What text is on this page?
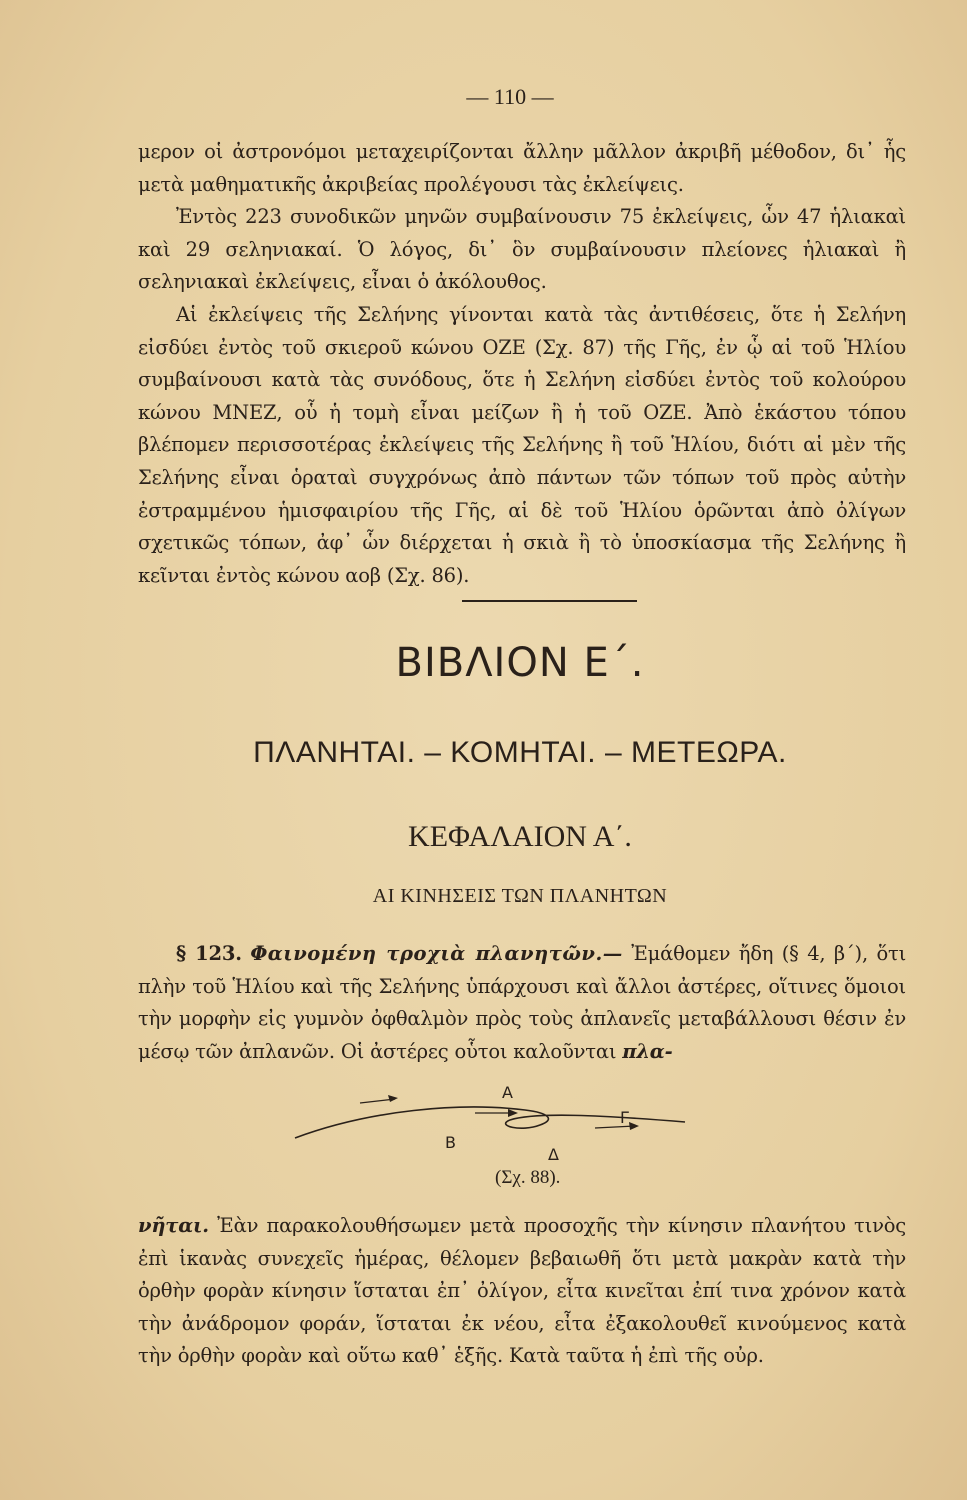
— 110 —

μερον οἱ ἀστρονόμοι μεταχειρίζονται ἄλλην μᾶλλον ἀκριβῆ μέθοδον, δι᾽ ἧς μετὰ μαθηματικῆς ἀκριβείας προλέγουσι τὰς ἐκλείψεις.

Ἐντὸς 223 συνοδικῶν μηνῶν συμβαίνουσιν 75 ἐκλείψεις, ὧν 47 ἡλιακαὶ καὶ 29 σεληνιακαί. Ὁ λόγος, δι᾽ ὃν συμβαίνουσιν πλείονες ἡλιακαὶ ἢ σεληνιακαὶ ἐκλείψεις, εἶναι ὁ ἀκόλουθος.

Αἱ ἐκλείψεις τῆς Σελήνης γίνονται κατὰ τὰς ἀντιθέσεις, ὅτε ἡ Σελήνη εἰσδύει ἐντὸς τοῦ σκιεροῦ κώνου ΟΖΕ (Σχ. 87) τῆς Γῆς, ἐν ᾧ αἱ τοῦ Ἡλίου συμβαίνουσι κατὰ τὰς συνόδους, ὅτε ἡ Σελήνη εἰσδύει ἐντὸς τοῦ κολούρου κώνου ΜΝΕΖ, οὗ ἡ τομὴ εἶναι μείζων ἢ ἡ τοῦ ΟΖΕ. Ἀπὸ ἑκάστου τόπου βλέπομεν περισσοτέρας ἐκλείψεις τῆς Σελήνης ἢ τοῦ Ἡλίου, διότι αἱ μὲν τῆς Σελήνης εἶναι ὁραταὶ συγχρόνως ἀπὸ πάντων τῶν τόπων τοῦ πρὸς αὐτὴν ἐστραμμένου ἡμισφαιρίου τῆς Γῆς, αἱ δὲ τοῦ Ἡλίου ὁρῶνται ἀπὸ ὀλίγων σχετικῶς τόπων, ἀφ᾽ ὧν διέρχεται ἡ σκιὰ ἢ τὸ ὑποσκίασμα τῆς Σελήνης ἢ κεῖνται ἐντὸς κώνου αοβ (Σχ. 86).

ΒΙΒΛΙΟΝ Ε΄.
ΠΛΑΝΗΤΑΙ. – ΚΟΜΗΤΑΙ. – ΜΕΤΕΩΡΑ.
ΚΕΦΑΛΑΙΟΝ Α΄.
ΑΙ ΚΙΝΗΣΕΙΣ ΤΩΝ ΠΛΑΝΗΤΩΝ

§ 123. Φαινομένη τροχιὰ πλανητῶν.— Ἐμάθομεν ἤδη (§ 4, β΄), ὅτι πλὴν τοῦ Ἡλίου καὶ τῆς Σελήνης ὑπάρχουσι καὶ ἄλλοι ἀστέρες, οἵτινες ὅμοιοι τὴν μορφὴν εἰς γυμνὸν ὀφθαλμὸν πρὸς τοὺς ἀπλανεῖς μεταβάλλουσι θέσιν ἐν μέσῳ τῶν ἀπλανῶν. Οἱ ἀστέρες οὗτοι καλοῦνται πλα-

Α
Β
Γ
Δ
(Σχ. 88).

νῆται. Ἐὰν παρακολουθήσωμεν μετὰ προσοχῆς τὴν κίνησιν πλανήτου τινὸς ἐπὶ ἱκανὰς συνεχεῖς ἡμέρας, θέλομεν βεβαιωθῆ ὅτι μετὰ μακρὰν κατὰ τὴν ὀρθὴν φορὰν κίνησιν ἵσταται ἐπ᾽ ὀλίγον, εἶτα κινεῖται ἐπί τινα χρόνον κατὰ τὴν ἀνάδρομον φοράν, ἵσταται ἐκ νέου, εἶτα ἐξακολουθεῖ κινούμενος κατὰ τὴν ὀρθὴν φορὰν καὶ οὕτω καθ᾽ ἑξῆς. Κατὰ ταῦτα ἡ ἐπὶ τῆς οὐρ.
